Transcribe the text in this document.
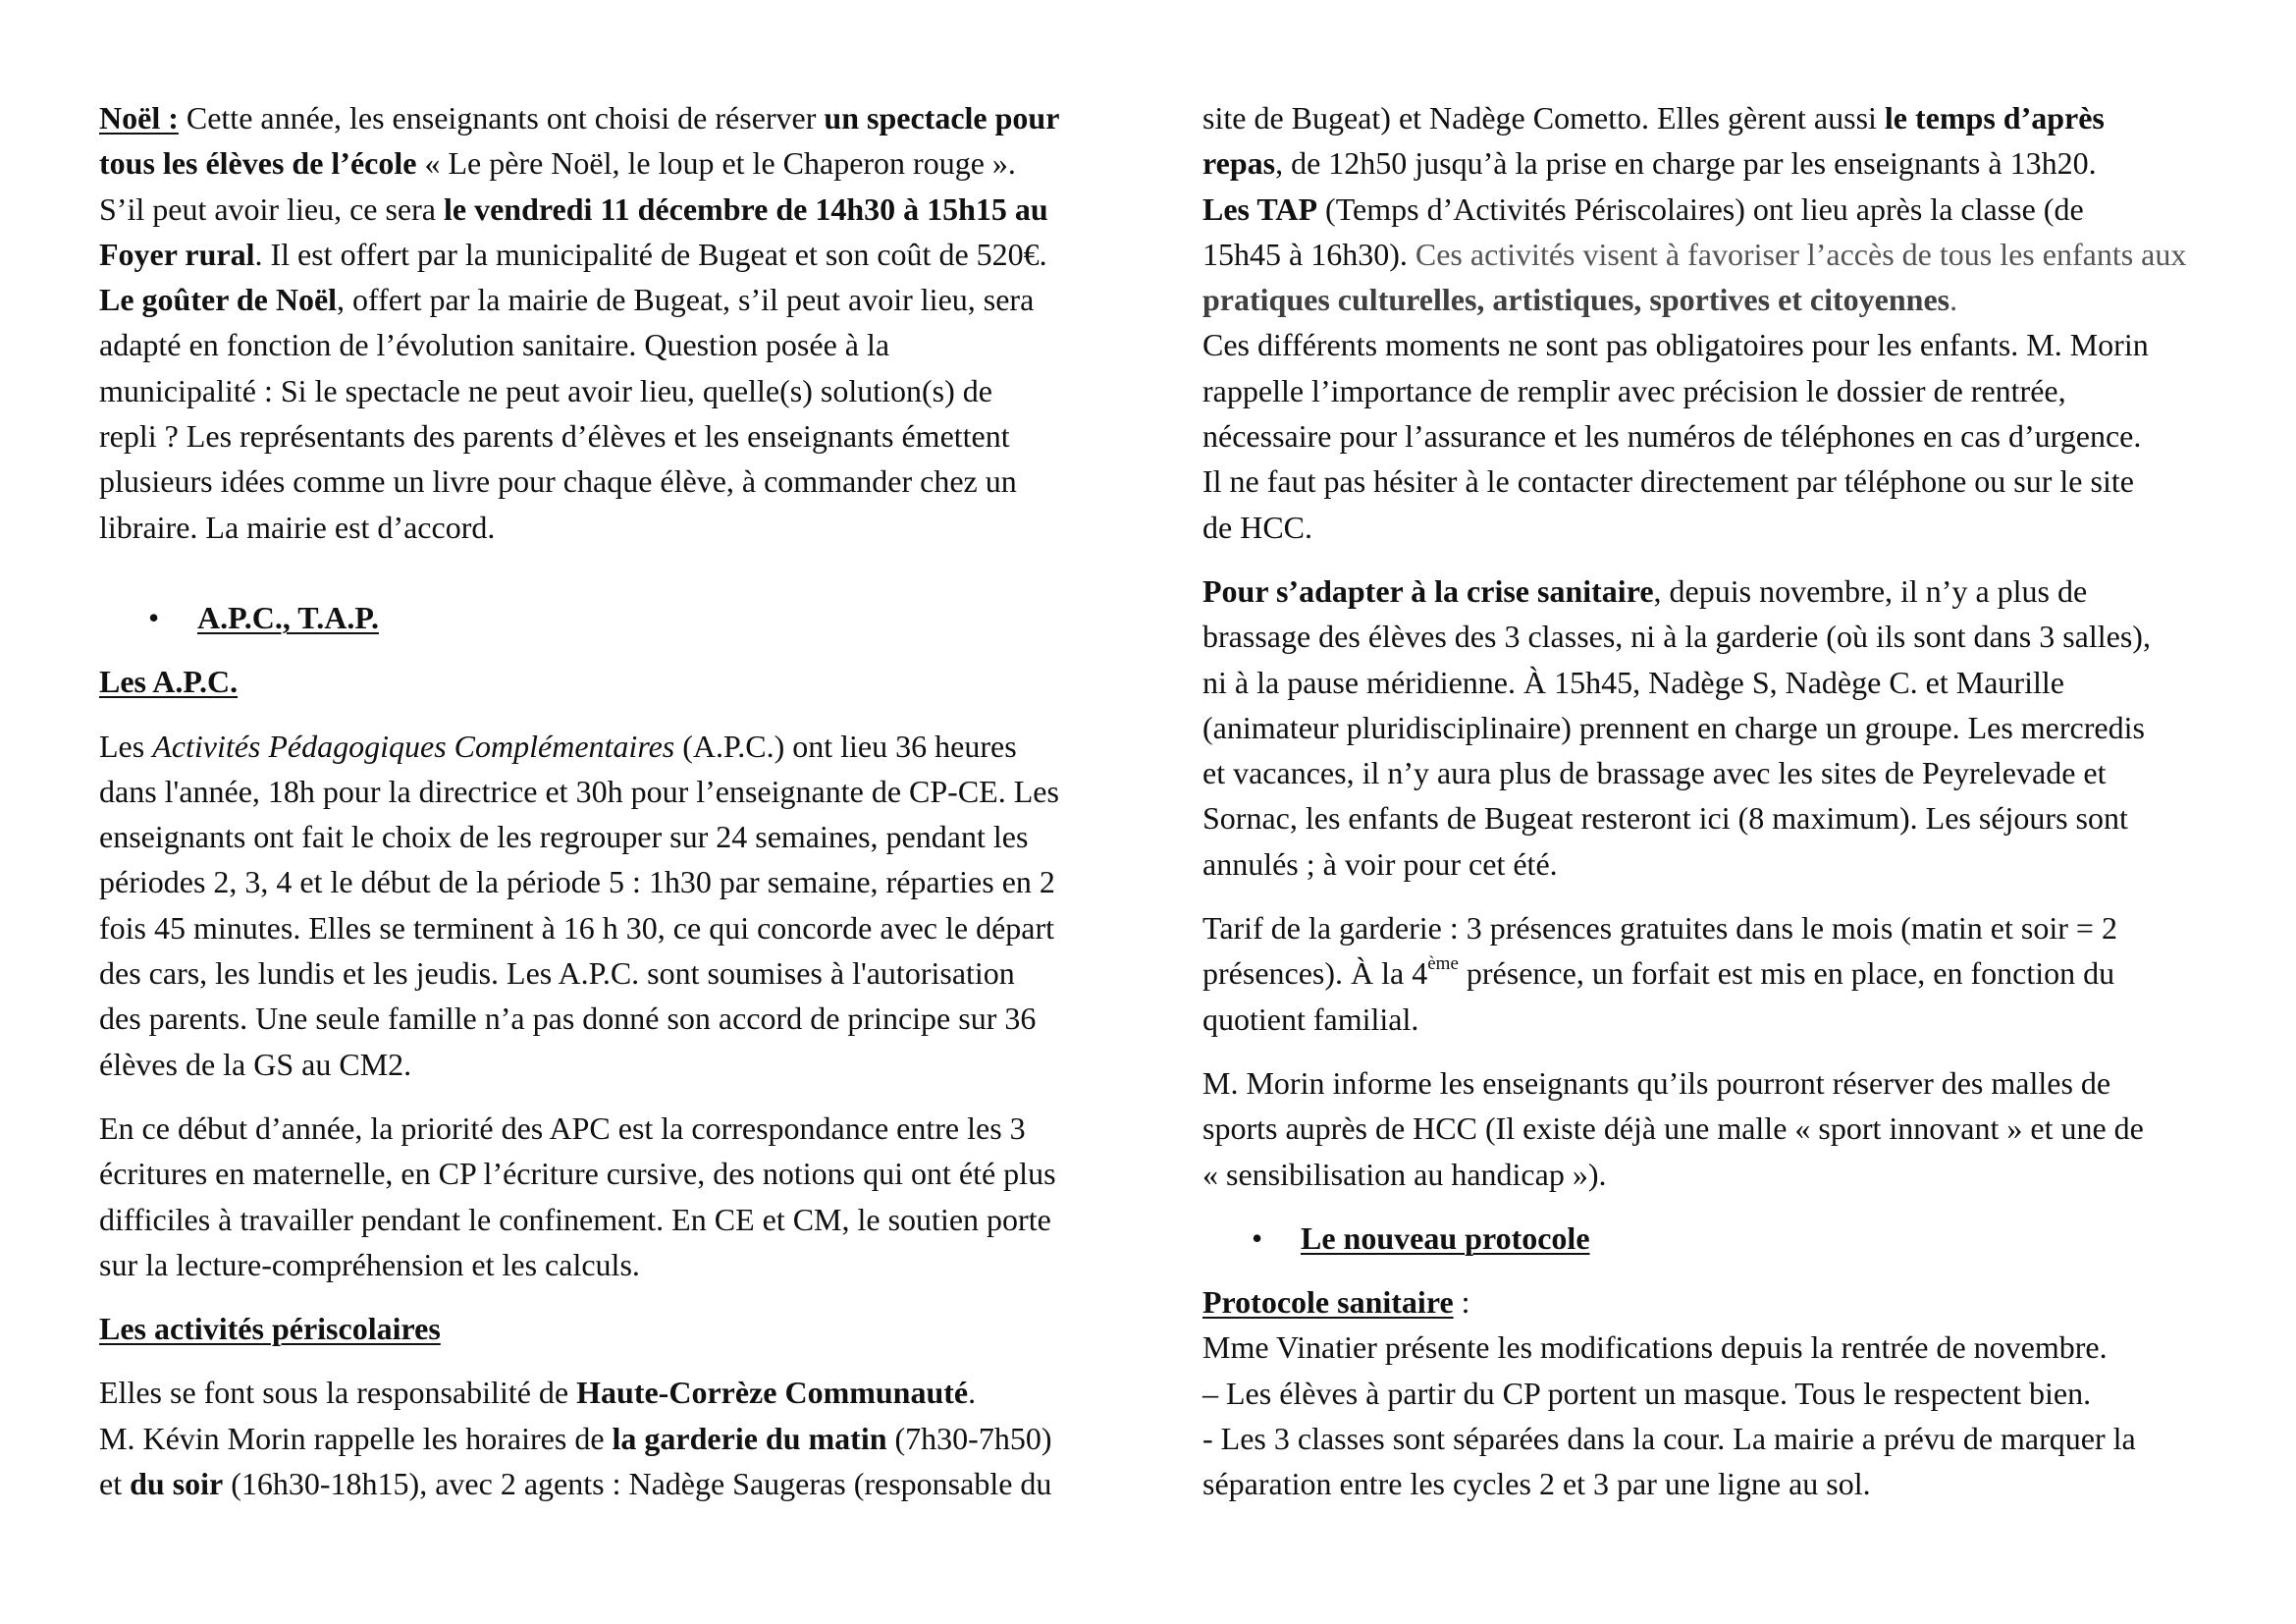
Noël : Cette année, les enseignants ont choisi de réserver un spectacle pour
tous les élèves de l’école « Le père Noël, le loup et le Chaperon rouge ».
S’il peut avoir lieu, ce sera le vendredi 11 décembre de 14h30 à 15h15 au
Foyer rural. Il est offert par la municipalité de Bugeat et son coût de 520€.
Le goûter de Noël, offert par la mairie de Bugeat, s’il peut avoir lieu, sera
adapté en fonction de l’évolution sanitaire. Question posée à la
municipalité : Si le spectacle ne peut avoir lieu, quelle(s) solution(s) de
repli ? Les représentants des parents d’élèves et les enseignants émettent
plusieurs idées comme un livre pour chaque élève, à commander chez un
libraire. La mairie est d’accord.
•	A.P.C., T.A.P.
Les A.P.C.
Les Activités Pédagogiques Complémentaires (A.P.C.) ont lieu 36 heures
dans l'année, 18h pour la directrice et 30h pour l’enseignante de CP-CE. Les
enseignants ont fait le choix de les regrouper sur 24 semaines, pendant les
périodes 2, 3, 4 et le début de la période 5 : 1h30 par semaine, réparties en 2
fois 45 minutes. Elles se terminent à 16 h 30, ce qui concorde avec le départ
des cars, les lundis et les jeudis. Les A.P.C. sont soumises à l'autorisation
des parents. Une seule famille n’a pas donné son accord de principe sur 36
élèves de la GS au CM2.
En ce début d’année, la priorité des APC est la correspondance entre les 3
écritures en maternelle, en CP l’écriture cursive, des notions qui ont été plus
difficiles à travailler pendant le confinement. En CE et CM, le soutien porte
sur la lecture-compréhension et les calculs.
Les activités périscolaires
Elles se font sous la responsabilité de Haute-Corrèze Communauté.
M. Kévin Morin rappelle les horaires de la garderie du matin (7h30-7h50)
et du soir (16h30-18h15), avec 2 agents : Nadège Saugeras (responsable du
site de Bugeat) et Nadège Cometto. Elles gèrent aussi le temps d’après
repas, de 12h50 jusqu’à la prise en charge par les enseignants à 13h20.
Les TAP (Temps d’Activités Périscolaires) ont lieu après la classe (de
15h45 à 16h30). Ces activités visent à favoriser l’accès de tous les enfants aux
pratiques culturelles, artistiques, sportives et citoyennes.
Ces différents moments ne sont pas obligatoires pour les enfants. M. Morin
rappelle l’importance de remplir avec précision le dossier de rentrée,
nécessaire pour l’assurance et les numéros de téléphones en cas d’urgence.
Il ne faut pas hésiter à le contacter directement par téléphone ou sur le site
de HCC.
Pour s’adapter à la crise sanitaire, depuis novembre, il n’y a plus de
brassage des élèves des 3 classes, ni à la garderie (où ils sont dans 3 salles),
ni à la pause méridienne. À 15h45, Nadège S, Nadège C. et Maurille
(animateur pluridisciplinaire) prennent en charge un groupe. Les mercredis
et vacances, il n’y aura plus de brassage avec les sites de Peyrelevade et
Sornac, les enfants de Bugeat resteront ici (8 maximum). Les séjours sont
annulés ; à voir pour cet été.
Tarif de la garderie : 3 présences gratuites dans le mois (matin et soir = 2
présences). À la 4ème présence, un forfait est mis en place, en fonction du
quotient familial.
M. Morin informe les enseignants qu’ils pourront réserver des malles de
sports auprès de HCC (Il existe déjà une malle « sport innovant » et une de
« sensibilisation au handicap »).
•	Le nouveau protocole
Protocole sanitaire :
Mme Vinatier présente les modifications depuis la rentrée de novembre.
– Les élèves à partir du CP portent un masque. Tous le respectent bien.
- Les 3 classes sont séparées dans la cour. La mairie a prévu de marquer la
séparation entre les cycles 2 et 3 par une ligne au sol.
